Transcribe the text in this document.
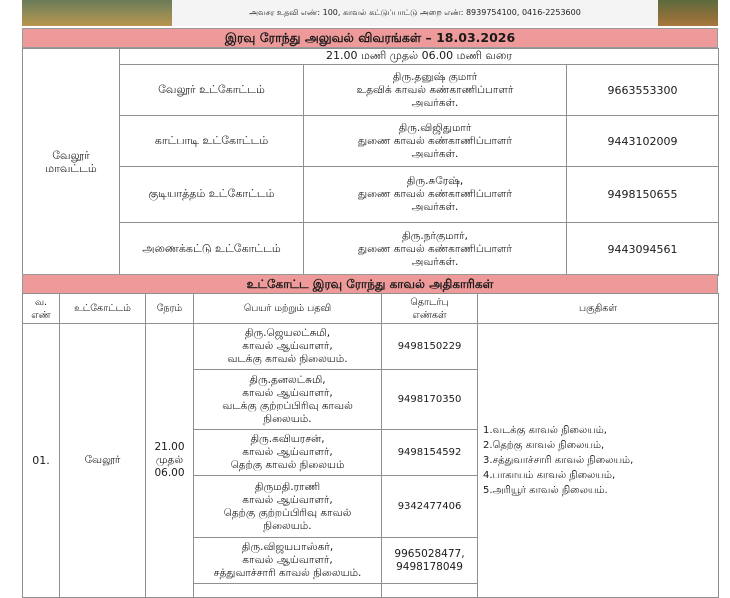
அவசர உதவி எண்: 100, காவல் கட்டுப்பாட்டு அறை எண்: 8939754100, 0416-2253600
இரவு ரோந்து அலுவல் விவரங்கள் – 18.03.2026
வேலூர்
மாவட்டம்	21.00 மணி முதல் 06.00 மணி வரை		
	வேலூர் உட்கோட்டம்	திரு.தனுஷ் குமார்
உதவிக் காவல் கண்காணிப்பாளர்
அவர்கள்.	9663553300
	காட்பாடி உட்கோட்டம்	திரு.விஜிதுமார்
துணை காவல் கண்காணிப்பாளர்
அவர்கள்.	9443102009
	குடியாத்தம் உட்கோட்டம்	திரு.சுரேஷ்,
துணை காவல் கண்காணிப்பாளர்
அவர்கள்.	9498150655
	அணைக்கட்டு உட்கோட்டம்	திரு.நர்குமார்,
துணை காவல் கண்காணிப்பாளர்
அவர்கள்.	9443094561
உட்கோட்ட இரவு ரோந்து காவல் அதிகாரிகள்
வ.
எண்	உட்கோட்டம்	நேரம்	பெயர் மற்றும் பதவி	தொடர்பு
எண்கள்	பகுதிகள்
01.	வேலூர்	21.00
முதல்
06.00	திரு.ஜெயலட்சுமி,
காவல் ஆய்வாளர்,
வடக்கு காவல் நிலையம்.	9498150229	1.வடக்கு காவல் நிலையம்,
2.தெற்கு காவல் நிலையம்,
3.சத்துவாச்சாரி காவல் நிலையம்,
4.பாகாயம் காவல் நிலையம்,
5.அரியூர் காவல் நிலையம்.
			திரு.தனலட்சுமி,
காவல் ஆய்வாளர்,
வடக்கு குற்றப்பிரிவு காவல்
நிலையம்.	9498170350	
			திரு.கவியரசன்,
காவல் ஆய்வாளர்,
தெற்கு காவல் நிலையம்	9498154592	
			திருமதி.ராணி
காவல் ஆய்வாளர்,
தெற்கு குற்றப்பிரிவு காவல்
நிலையம்.	9342477406	
			திரு.விஜயபாஸ்கர்,
காவல் ஆய்வாளர்,
சத்துவாச்சாரி காவல் நிலையம்.	9965028477,
9498178049	
